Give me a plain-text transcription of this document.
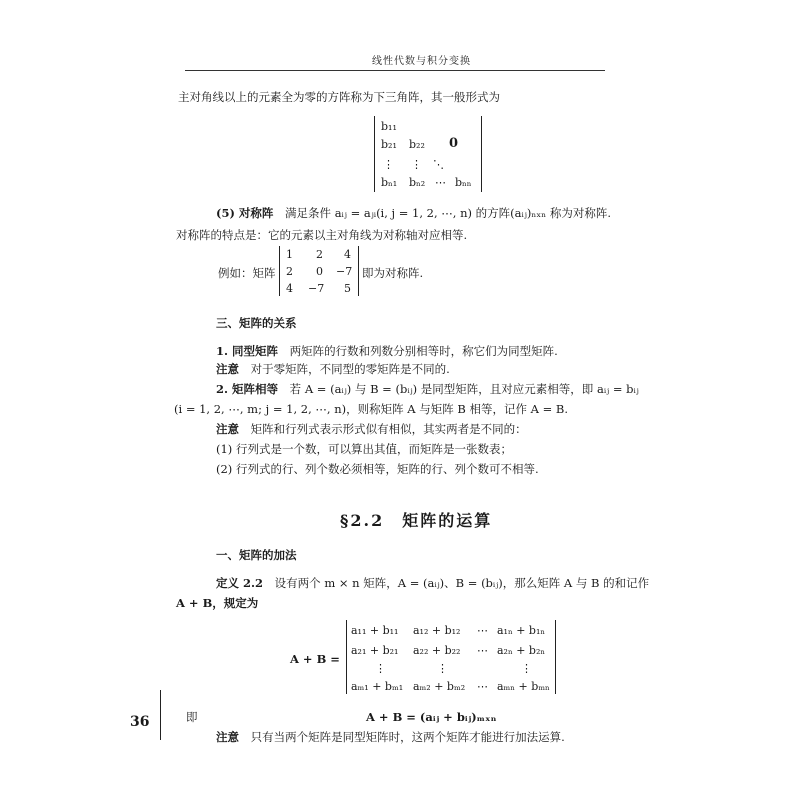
线性代数与积分变换
主对角线以上的元素全为零的方阵称为下三角阵，其一般形式为
b₁₁
b₂₁ b₂₂ 0
⋮ ⋮ ⋱
bₙ₁ bₙ₂ ⋯ bₙₙ
(5) 对称阵 满足条件 aᵢⱼ = aⱼᵢ(i, j = 1, 2, ⋯, n) 的方阵(aᵢⱼ)ₙₓₙ 称为对称阵.
对称阵的特点是：它的元素以主对角线为对称轴对应相等.
例如：矩阵
1 2 4
2 0 −7
4 −7 5
即为对称阵.
三、矩阵的关系
1. 同型矩阵 两矩阵的行数和列数分别相等时，称它们为同型矩阵.
注意 对于零矩阵，不同型的零矩阵是不同的.
2. 矩阵相等 若 A = (aᵢⱼ) 与 B = (bᵢⱼ) 是同型矩阵，且对应元素相等，即 aᵢⱼ = bᵢⱼ
(i = 1, 2, ⋯, m; j = 1, 2, ⋯, n)，则称矩阵 A 与矩阵 B 相等，记作 A = B.
注意 矩阵和行列式表示形式似有相似，其实两者是不同的：
(1) 行列式是一个数，可以算出其值，而矩阵是一张数表；
(2) 行列式的行、列个数必须相等，矩阵的行、列个数可不相等.
§2.2　矩阵的运算
一、矩阵的加法
定义 2.2 设有两个 m × n 矩阵，A = (aᵢⱼ)、B = (bᵢⱼ)，那么矩阵 A 与 B 的和记作
A + B，规定为
A + B =
a₁₁ + b₁₁ a₁₂ + b₁₂ ⋯ a₁ₙ + b₁ₙ
a₂₁ + b₂₁ a₂₂ + b₂₂ ⋯ a₂ₙ + b₂ₙ
⋮	⋮	⋮
aₘ₁ + bₘ₁ aₘ₂ + bₘ₂ ⋯ aₘₙ + bₘₙ
即	A + B = (aᵢⱼ + bᵢⱼ)ₘₓₙ
注意 只有当两个矩阵是同型矩阵时，这两个矩阵才能进行加法运算.
36
